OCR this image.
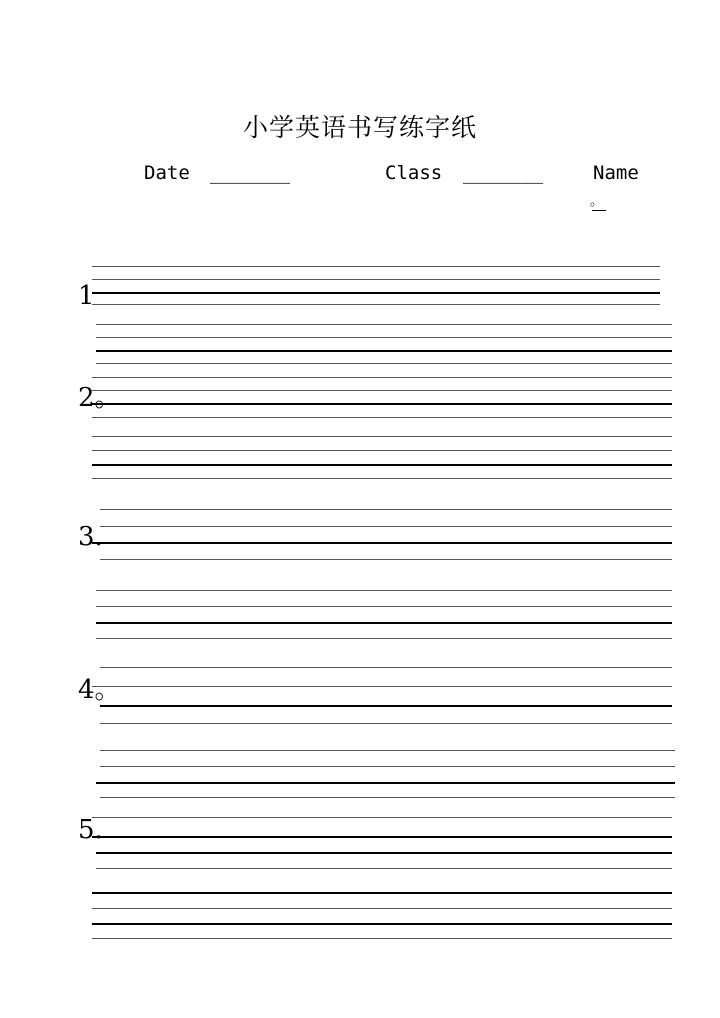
小学英语书写练字纸
Date _______	Class _______	Name
。
1
2。
3.
4。
5.
